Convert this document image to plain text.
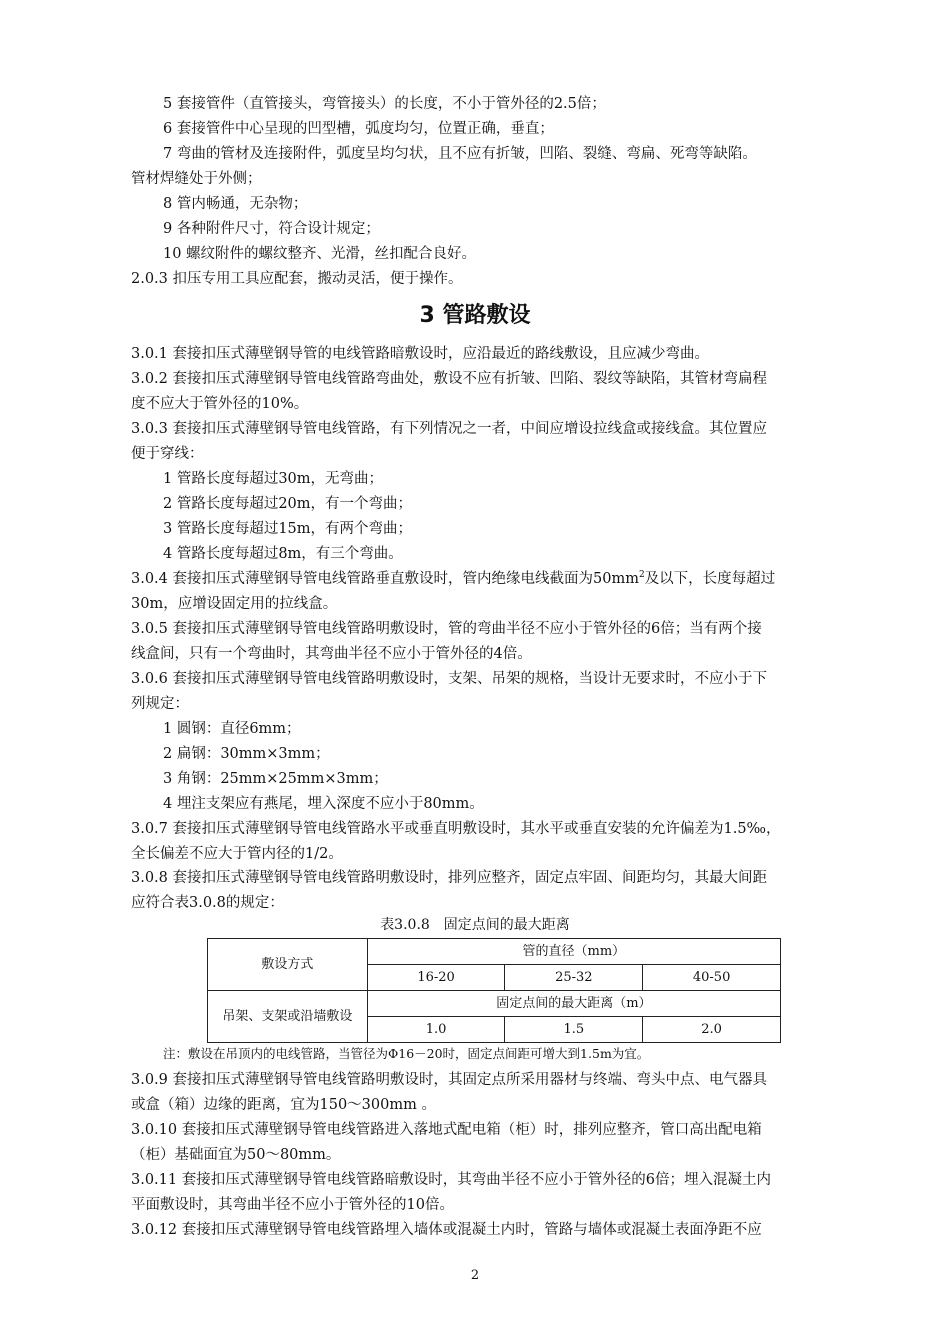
5 套接管件（直管接头，弯管接头）的长度，不小于管外径的2.5倍；
6 套接管件中心呈现的凹型槽，弧度均匀，位置正确，垂直；
7 弯曲的管材及连接附件，弧度呈均匀状，且不应有折皱，凹陷、裂缝、弯扁、死弯等缺陷。
管材焊缝处于外侧；
8 管内畅通，无杂物；
9 各种附件尺寸，符合设计规定；
10 螺纹附件的螺纹整齐、光滑，丝扣配合良好。
2.0.3 扣压专用工具应配套，搬动灵活，便于操作。
3 管路敷设
3.0.1 套接扣压式薄壁钢导管的电线管路暗敷设时，应沿最近的路线敷设，且应减少弯曲。
3.0.2 套接扣压式薄壁钢导管电线管路弯曲处，敷设不应有折皱、凹陷、裂纹等缺陷，其管材弯扁程
度不应大于管外径的10%。
3.0.3 套接扣压式薄壁钢导管电线管路，有下列情况之一者，中间应增设拉线盒或接线盒。其位置应
便于穿线：
1 管路长度每超过30m，无弯曲；
2 管路长度每超过20m，有一个弯曲；
3 管路长度每超过15m，有两个弯曲；
4 管路长度每超过8m，有三个弯曲。
3.0.4 套接扣压式薄壁钢导管电线管路垂直敷设时，管内绝缘电线截面为$50mm^2$及以下，长度每超过
30m，应增设固定用的拉线盒。
3.0.5 套接扣压式薄壁钢导管电线管路明敷设时，管的弯曲半径不应小于管外径的6倍；当有两个接
线盒间，只有一个弯曲时，其弯曲半径不应小于管外径的4倍。
3.0.6 套接扣压式薄壁钢导管电线管路明敷设时，支架、吊架的规格，当设计无要求时，不应小于下
列规定：
1 圆钢：直径6mm；
2 扁钢：30mm×3mm；
3 角钢：25mm×25mm×3mm；
4 埋注支架应有燕尾，埋入深度不应小于80mm。
3.0.7 套接扣压式薄壁钢导管电线管路水平或垂直明敷设时，其水平或垂直安装的允许偏差为1.5‰，
全长偏差不应大于管内径的1/2。
3.0.8 套接扣压式薄壁钢导管电线管路明敷设时，排列应整齐，固定点牢固、间距均匀，其最大间距
应符合表3.0.8的规定：
表3.0.8　固定点间的最大距离
敷设方式	管的直径（mm）		
	16-20	25-32	40-50
吊架、支架或沿墙敷设	固定点间的最大距离（m）		
	1.0	1.5	2.0
注：敷设在吊顶内的电线管路，当管径为Φ16－20时，固定点间距可增大到1.5m为宜。
3.0.9 套接扣压式薄壁钢导管电线管路明敷设时，其固定点所采用器材与终端、弯头中点、电气器具
或盒（箱）边缘的距离，宜为150～300mm 。
3.0.10 套接扣压式薄壁钢导管电线管路进入落地式配电箱（柜）时，排列应整齐，管口高出配电箱
（柜）基础面宜为50～80mm。
3.0.11 套接扣压式薄壁钢导管电线管路暗敷设时，其弯曲半径不应小于管外径的6倍；埋入混凝土内
平面敷设时，其弯曲半径不应小于管外径的10倍。
3.0.12 套接扣压式薄壁钢导管电线管路埋入墙体或混凝土内时，管路与墙体或混凝土表面净距不应
2
